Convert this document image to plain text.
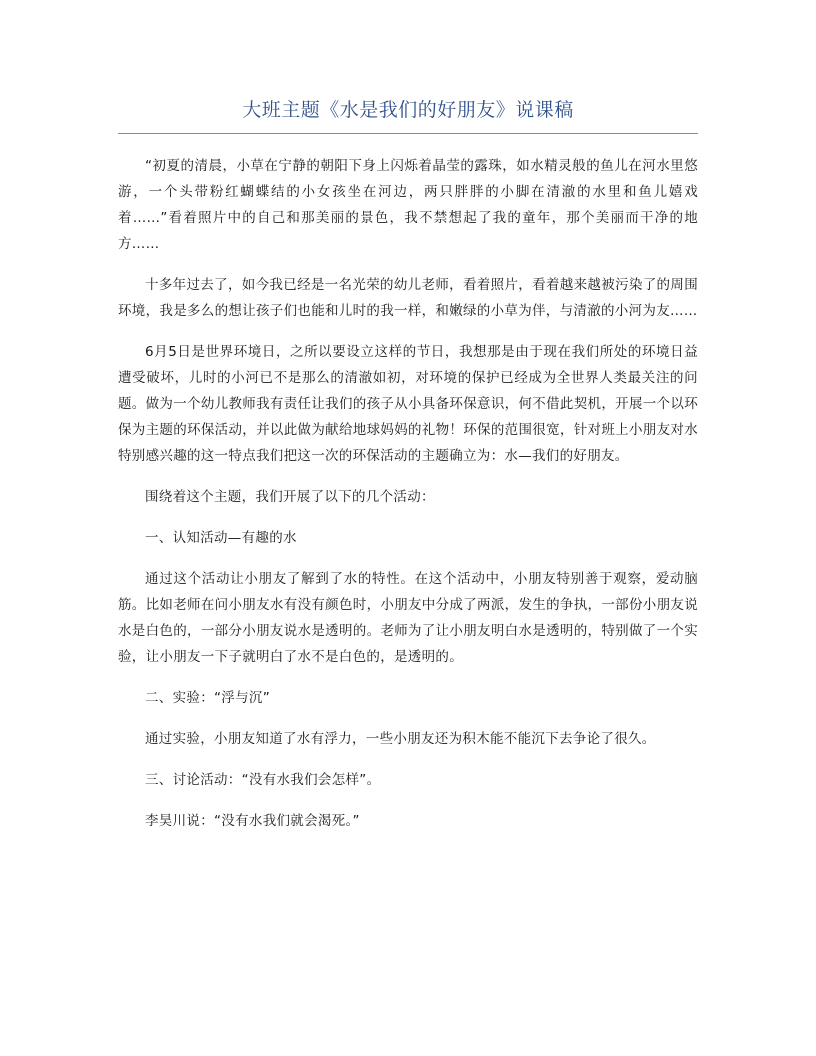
大班主题《水是我们的好朋友》说课稿

“初夏的清晨，小草在宁静的朝阳下身上闪烁着晶莹的露珠，如水精灵般的鱼儿在河水里悠游，一个头带粉红蝴蝶结的小女孩坐在河边，两只胖胖的小脚在清澈的水里和鱼儿嬉戏着……”看着照片中的自己和那美丽的景色，我不禁想起了我的童年，那个美丽而干净的地方……

十多年过去了，如今我已经是一名光荣的幼儿老师，看着照片，看着越来越被污染了的周围环境，我是多么的想让孩子们也能和儿时的我一样，和嫩绿的小草为伴，与清澈的小河为友……

6月5日是世界环境日，之所以要设立这样的节日，我想那是由于现在我们所处的环境日益遭受破坏，儿时的小河已不是那么的清澈如初，对环境的保护已经成为全世界人类最关注的问题。做为一个幼儿教师我有责任让我们的孩子从小具备环保意识，何不借此契机，开展一个以环保为主题的环保活动，并以此做为献给地球妈妈的礼物！环保的范围很宽，针对班上小朋友对水特别感兴趣的这一特点我们把这一次的环保活动的主题确立为：水—我们的好朋友。

围绕着这个主题，我们开展了以下的几个活动：

一、认知活动—有趣的水

通过这个活动让小朋友了解到了水的特性。在这个活动中，小朋友特别善于观察，爱动脑筋。比如老师在问小朋友水有没有颜色时，小朋友中分成了两派，发生的争执，一部份小朋友说水是白色的，一部分小朋友说水是透明的。老师为了让小朋友明白水是透明的，特别做了一个实验，让小朋友一下子就明白了水不是白色的，是透明的。

二、实验：“浮与沉”

通过实验，小朋友知道了水有浮力，一些小朋友还为积木能不能沉下去争论了很久。

三、讨论活动：“没有水我们会怎样”。

李昊川说：“没有水我们就会渴死。”
